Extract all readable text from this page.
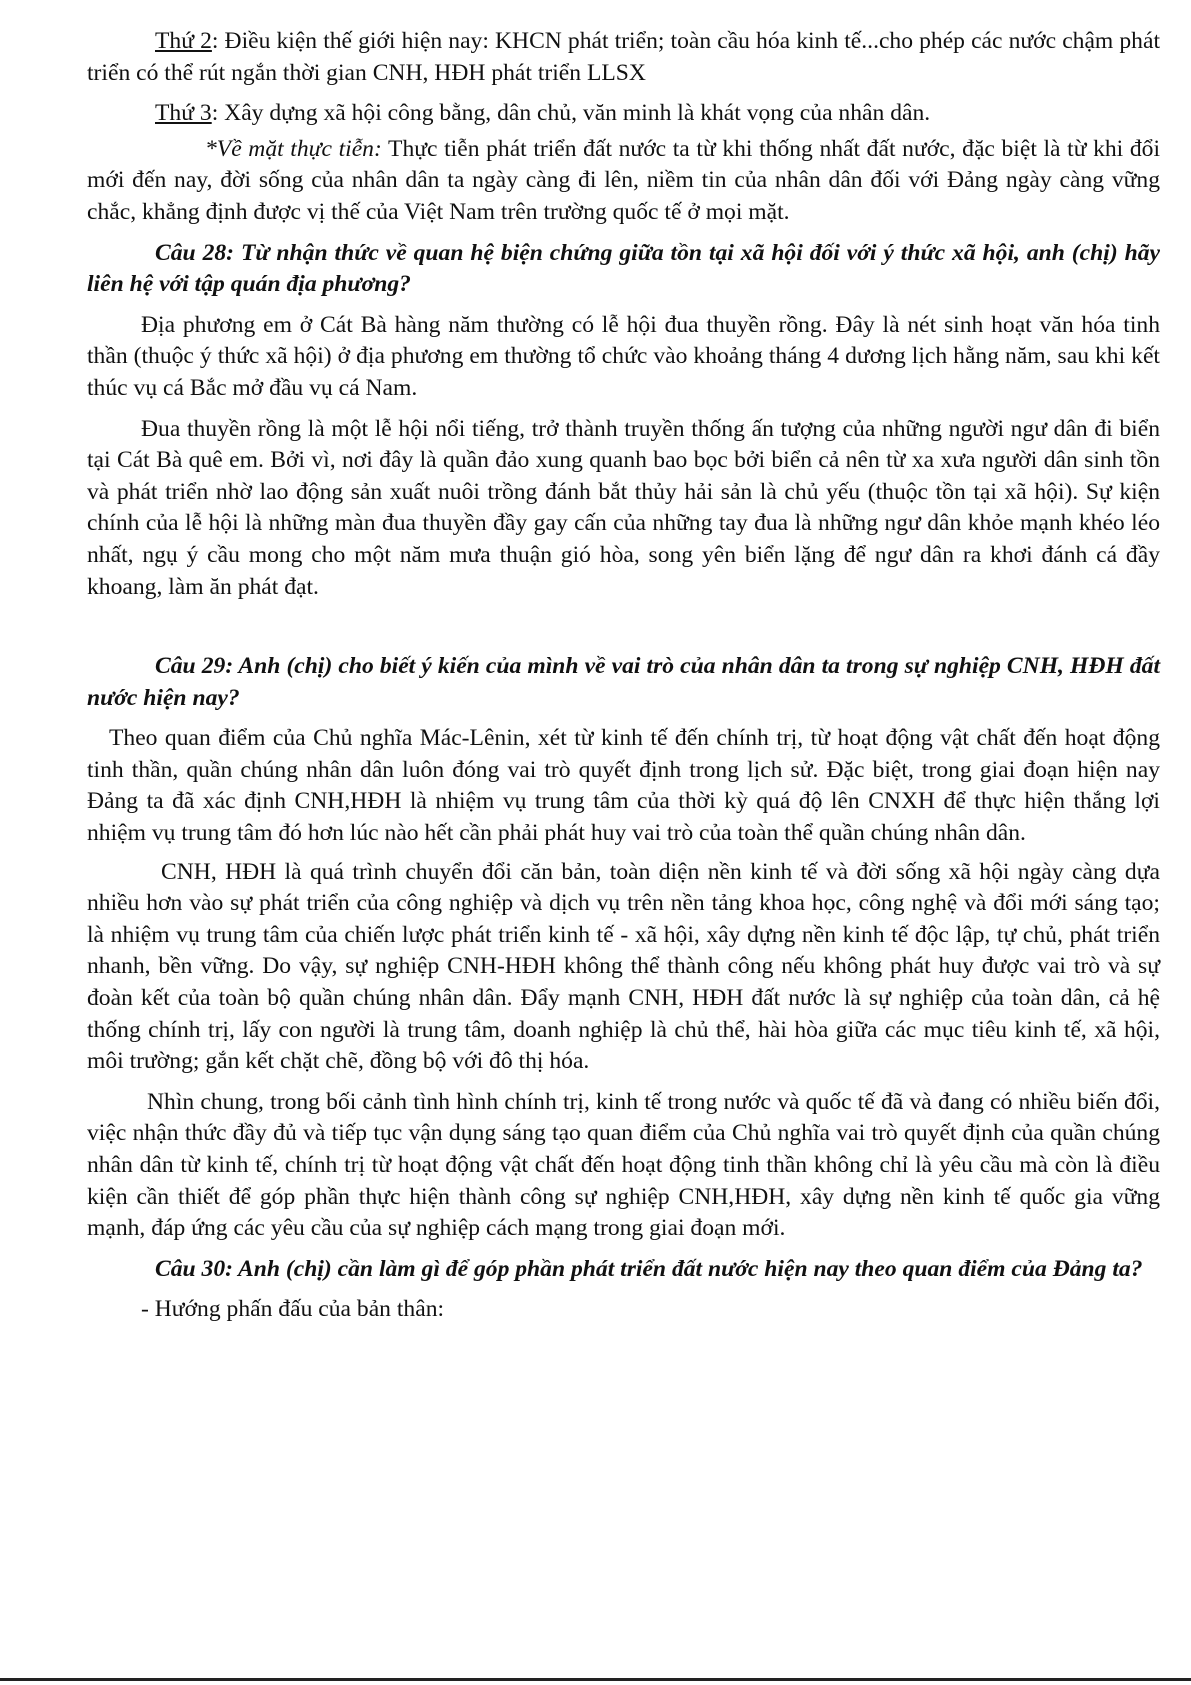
Thứ 2: Điều kiện thế giới hiện nay: KHCN phát triển; toàn cầu hóa kinh tế...cho phép các nước chậm phát triển có thể rút ngắn thời gian CNH, HĐH phát triển LLSX

Thứ 3: Xây dựng xã hội công bằng, dân chủ, văn minh là khát vọng của nhân dân.

*Về mặt thực tiễn: Thực tiễn phát triển đất nước ta từ khi thống nhất đất nước, đặc biệt là từ khi đổi mới đến nay, đời sống của nhân dân ta ngày càng đi lên, niềm tin của nhân dân đối với Đảng ngày càng vững chắc, khẳng định được vị thế của Việt Nam trên trường quốc tế ở mọi mặt.

Câu 28: Từ nhận thức về quan hệ biện chứng giữa tồn tại xã hội đối với ý thức xã hội, anh (chị) hãy liên hệ với tập quán địa phương?

Địa phương em ở Cát Bà hàng năm thường có lễ hội đua thuyền rồng. Đây là nét sinh hoạt văn hóa tinh thần (thuộc ý thức xã hội) ở địa phương em thường tổ chức vào khoảng tháng 4 dương lịch hằng năm, sau khi kết thúc vụ cá Bắc mở đầu vụ cá Nam.

Đua thuyền rồng là một lễ hội nổi tiếng, trở thành truyền thống ấn tượng của những người ngư dân đi biển tại Cát Bà quê em. Bởi vì, nơi đây là quần đảo xung quanh bao bọc bởi biển cả nên từ xa xưa người dân sinh tồn và phát triển nhờ lao động sản xuất nuôi trồng đánh bắt thủy hải sản là chủ yếu (thuộc tồn tại xã hội). Sự kiện chính của lễ hội là những màn đua thuyền đầy gay cấn của những tay đua là những ngư dân khỏe mạnh khéo léo nhất, ngụ ý cầu mong cho một năm mưa thuận gió hòa, song yên biển lặng để ngư dân ra khơi đánh cá đầy khoang, làm ăn phát đạt.

Câu 29: Anh (chị) cho biết ý kiến của mình về vai trò của nhân dân ta trong sự nghiệp CNH, HĐH đất nước hiện nay?

Theo quan điểm của Chủ nghĩa Mác-Lênin, xét từ kinh tế đến chính trị, từ hoạt động vật chất đến hoạt động tinh thần, quần chúng nhân dân luôn đóng vai trò quyết định trong lịch sử. Đặc biệt, trong giai đoạn hiện nay Đảng ta đã xác định CNH,HĐH là nhiệm vụ trung tâm của thời kỳ quá độ lên CNXH để thực hiện thắng lợi nhiệm vụ trung tâm đó hơn lúc nào hết cần phải phát huy vai trò của toàn thể quần chúng nhân dân.

CNH, HĐH là quá trình chuyển đổi căn bản, toàn diện nền kinh tế và đời sống xã hội ngày càng dựa nhiều hơn vào sự phát triển của công nghiệp và dịch vụ trên nền tảng khoa học, công nghệ và đổi mới sáng tạo; là nhiệm vụ trung tâm của chiến lược phát triển kinh tế - xã hội, xây dựng nền kinh tế độc lập, tự chủ, phát triển nhanh, bền vững. Do vậy, sự nghiệp CNH-HĐH không thể thành công nếu không phát huy được vai trò và sự đoàn kết của toàn bộ quần chúng nhân dân. Đẩy mạnh CNH, HĐH đất nước là sự nghiệp của toàn dân, cả hệ thống chính trị, lấy con người là trung tâm, doanh nghiệp là chủ thể, hài hòa giữa các mục tiêu kinh tế, xã hội, môi trường; gắn kết chặt chẽ, đồng bộ với đô thị hóa.

Nhìn chung, trong bối cảnh tình hình chính trị, kinh tế trong nước và quốc tế đã và đang có nhiều biến đổi, việc nhận thức đầy đủ và tiếp tục vận dụng sáng tạo quan điểm của Chủ nghĩa vai trò quyết định của quần chúng nhân dân từ kinh tế, chính trị từ hoạt động vật chất đến hoạt động tinh thần không chỉ là yêu cầu mà còn là điều kiện cần thiết để góp phần thực hiện thành công sự nghiệp CNH,HĐH, xây dựng nền kinh tế quốc gia vững mạnh, đáp ứng các yêu cầu của sự nghiệp cách mạng trong giai đoạn mới.

Câu 30: Anh (chị) cần làm gì để góp phần phát triển đất nước hiện nay theo quan điểm của Đảng ta?

- Hướng phấn đấu của bản thân:
